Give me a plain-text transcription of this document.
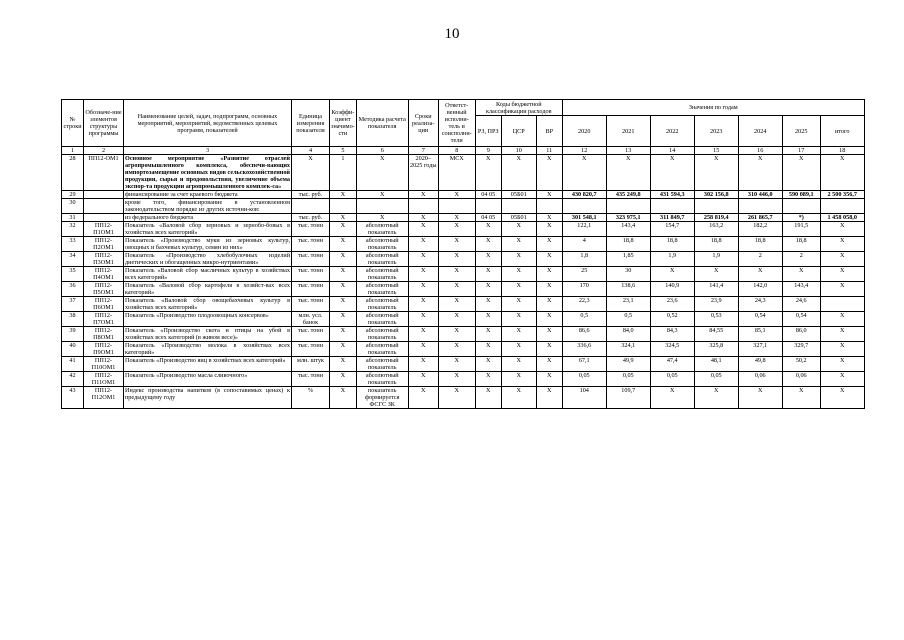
10
№ строки	Обозначе-ние элементов структуры программы	Наименование целей, задач, подпрограмм, основных мероприятий, мероприятий, ведомственных целевых программ, показателей	Единица измерения показателя	Коэффи-циент значимо-сти	Методика расчета показателя	Сроки реализа-ции	Ответст-венный исполни-тель и соисполни-тели	Коды бюджетной классификации расходов			Значения по годам						
								РЗ, ПРЗ	ЦСР	ВР	2020	2021	2022	2023	2024	2025	итого
1	2	3	4	5	6	7	8	9	10	11	12	13	14	15	16	17	18
28	ПП12-ОМ1	Основное мероприятие «Развитие отраслей агропромышленного комплекса, обеспечи-вающих импортозамещение основных видов сельскохозяйственной продукции, сырья и продовольствия, увеличение объема экспор-та продукции агропромышленного комплек-са»	X	1	X	2020–2025 годы	МСХ	X	X	X	X	X	X	X	X	X	X
29		финансирование за счет краевого бюджета	тыс. руб.	X	X	X	X	04 05	05Б01	X	430 820,7	435 249,8	431 594,3	302 156,8	310 446,0	590 089,1	2 500 356,7
30		кроме того, финансирование в установленном законодательством порядке из других источни-ков:															
31		из федерального бюджета	тыс. руб.	X	X	X	X	04 05	05Б01	X	301 548,1	323 975,1	311 849,7	258 819,4	261 865,7	*)	1 458 058,0
32	ПП12-П1ОМ1	Показатель «Валовой сбор зерновых и зернобо-бовых в хозяйствах всех категорий»	тыс. тонн	X	абсолютный показатель	X	X	X	X	X	122,1	143,4	154,7	163,2	182,2	191,5	X
33	ПП12-П2ОМ1	Показатель «Производство муки из зерновых культур, овощных и бахчевых культур, семян из них»	тыс. тонн	X	абсолютный показатель	X	X	X	X	X	4	18,8	18,8	18,8	18,8	18,8	X
34	ПП12-П3ОМ1	Показатель «Производство хлебобулочных изделий диетических и обогащенных микро-нутриентами»	тыс. тонн	X	абсолютный показатель	X	X	X	X	X	1,8	1,85	1,9	1,9	2	2	X
35	ПП12-П4ОМ1	Показатель «Валовой сбор масличных культур в хозяйствах всех категорий»	тыс. тонн	X	абсолютный показатель	X	X	X	X	X	25	30	X	X	X	X	X
36	ПП12-П5ОМ1	Показатель «Валовой сбор картофеля в хозяйст-вах всех категорий»	тыс. тонн	X	абсолютный показатель	X	X	X	X	X	170	138,6	140,9	141,4	142,0	143,4	X
37	ПП12-П6ОМ1	Показатель «Валовой сбор овощебахчевых культур в хозяйствах всех категорий»	тыс. тонн	X	абсолютный показатель	X	X	X	X	X	22,3	23,1	23,6	23,9	24,3	24,6	
38	ПП12-П7ОМ1	Показатель «Производство плодоовощных консервов»	млн. усл. банок	X	абсолютный показатель	X	X	X	X	X	0,5	0,5	0,52	0,53	0,54	0,54	X
39	ПП12-П8ОМ1	Показатель «Производство скота и птицы на убой в хозяйствах всех категорий (в живом весе)»	тыс. тонн	X	абсолютный показатель	X	X	X	X	X	86,6	84,0	84,3	84,55	85,1	86,0	X
40	ПП12-П9ОМ1	Показатель «Производство молока в хозяйствах всех категорий»	тыс. тонн	X	абсолютный показатель	X	X	X	X	X	336,6	324,1	324,5	325,8	327,1	329,7	X
41	ПП12-П10ОМ1	Показатель «Производство яиц в хозяйствах всех категорий»	млн. штук	X	абсолютный показатель	X	X	X	X	X	67,1	49,9	47,4	48,1	49,8	50,2	X
42	ПП12-П11ОМ1	Показатель «Производство масла сливочного»	тыс. тонн	X	абсолютный показатель	X	X	X	X	X	0,05	0,05	0,05	0,05	0,06	0,06	X
43	ПП12-П12ОМ1	Индекс производства напитков (в сопоставимых ценах) к предыдущему году	%	X	показатель формируется ФСГС ЗК	X	X	X	X	X	104	109,7	X	X	X	X	X
